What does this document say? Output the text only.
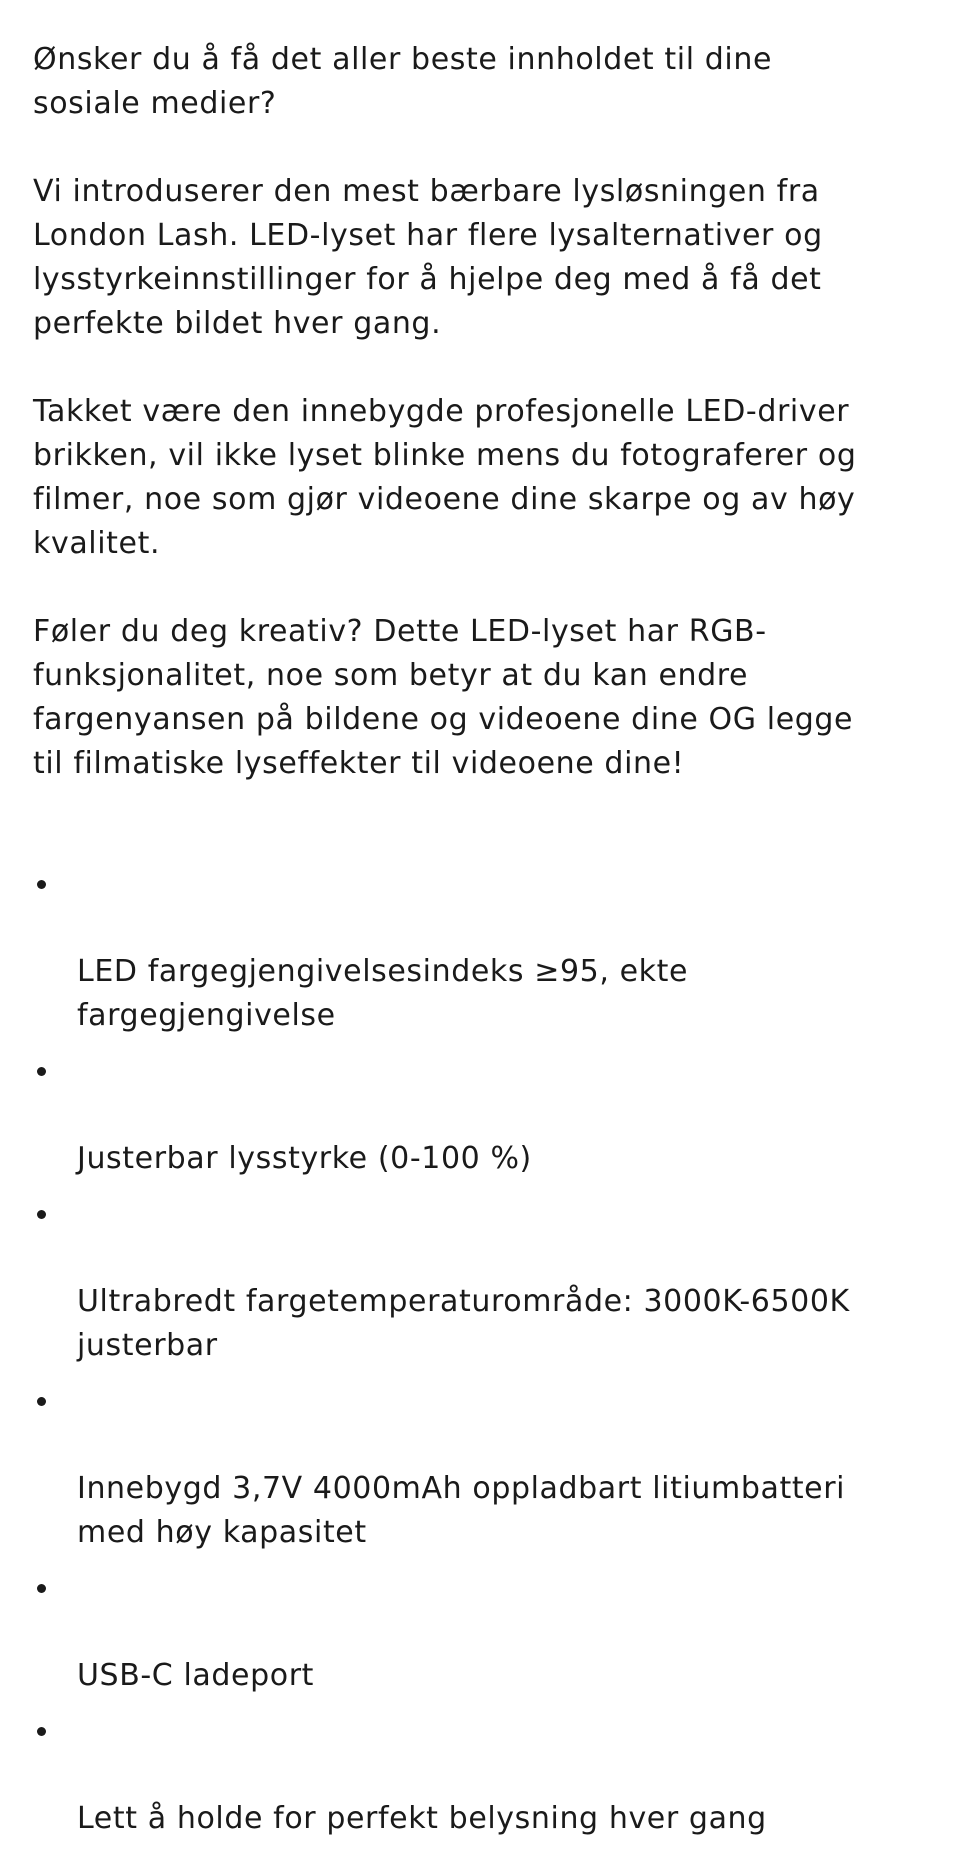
Ønsker du å få det aller beste innholdet til dine
sosiale medier?

Vi introduserer den mest bærbare lysløsningen fra
London Lash. LED-lyset har flere lysalternativer og
lysstyrkeinnstillinger for å hjelpe deg med å få det
perfekte bildet hver gang.

Takket være den innebygde profesjonelle LED-driver
brikken, vil ikke lyset blinke mens du fotograferer og
filmer, noe som gjør videoene dine skarpe og av høy
kvalitet.

Føler du deg kreativ? Dette LED-lyset har RGB-
funksjonalitet, noe som betyr at du kan endre
fargenyansen på bildene og videoene dine OG legge
til filmatiske lyseffekter til videoene dine!

LED fargegjengivelsesindeks ≥95, ekte
fargegjengivelse

Justerbar lysstyrke (0-100 %)

Ultrabredt fargetemperaturområde: 3000K-6500K
justerbar

Innebygd 3,7V 4000mAh oppladbart litiumbatteri
med høy kapasitet

USB-C ladeport

Lett å holde for perfekt belysning hver gang
